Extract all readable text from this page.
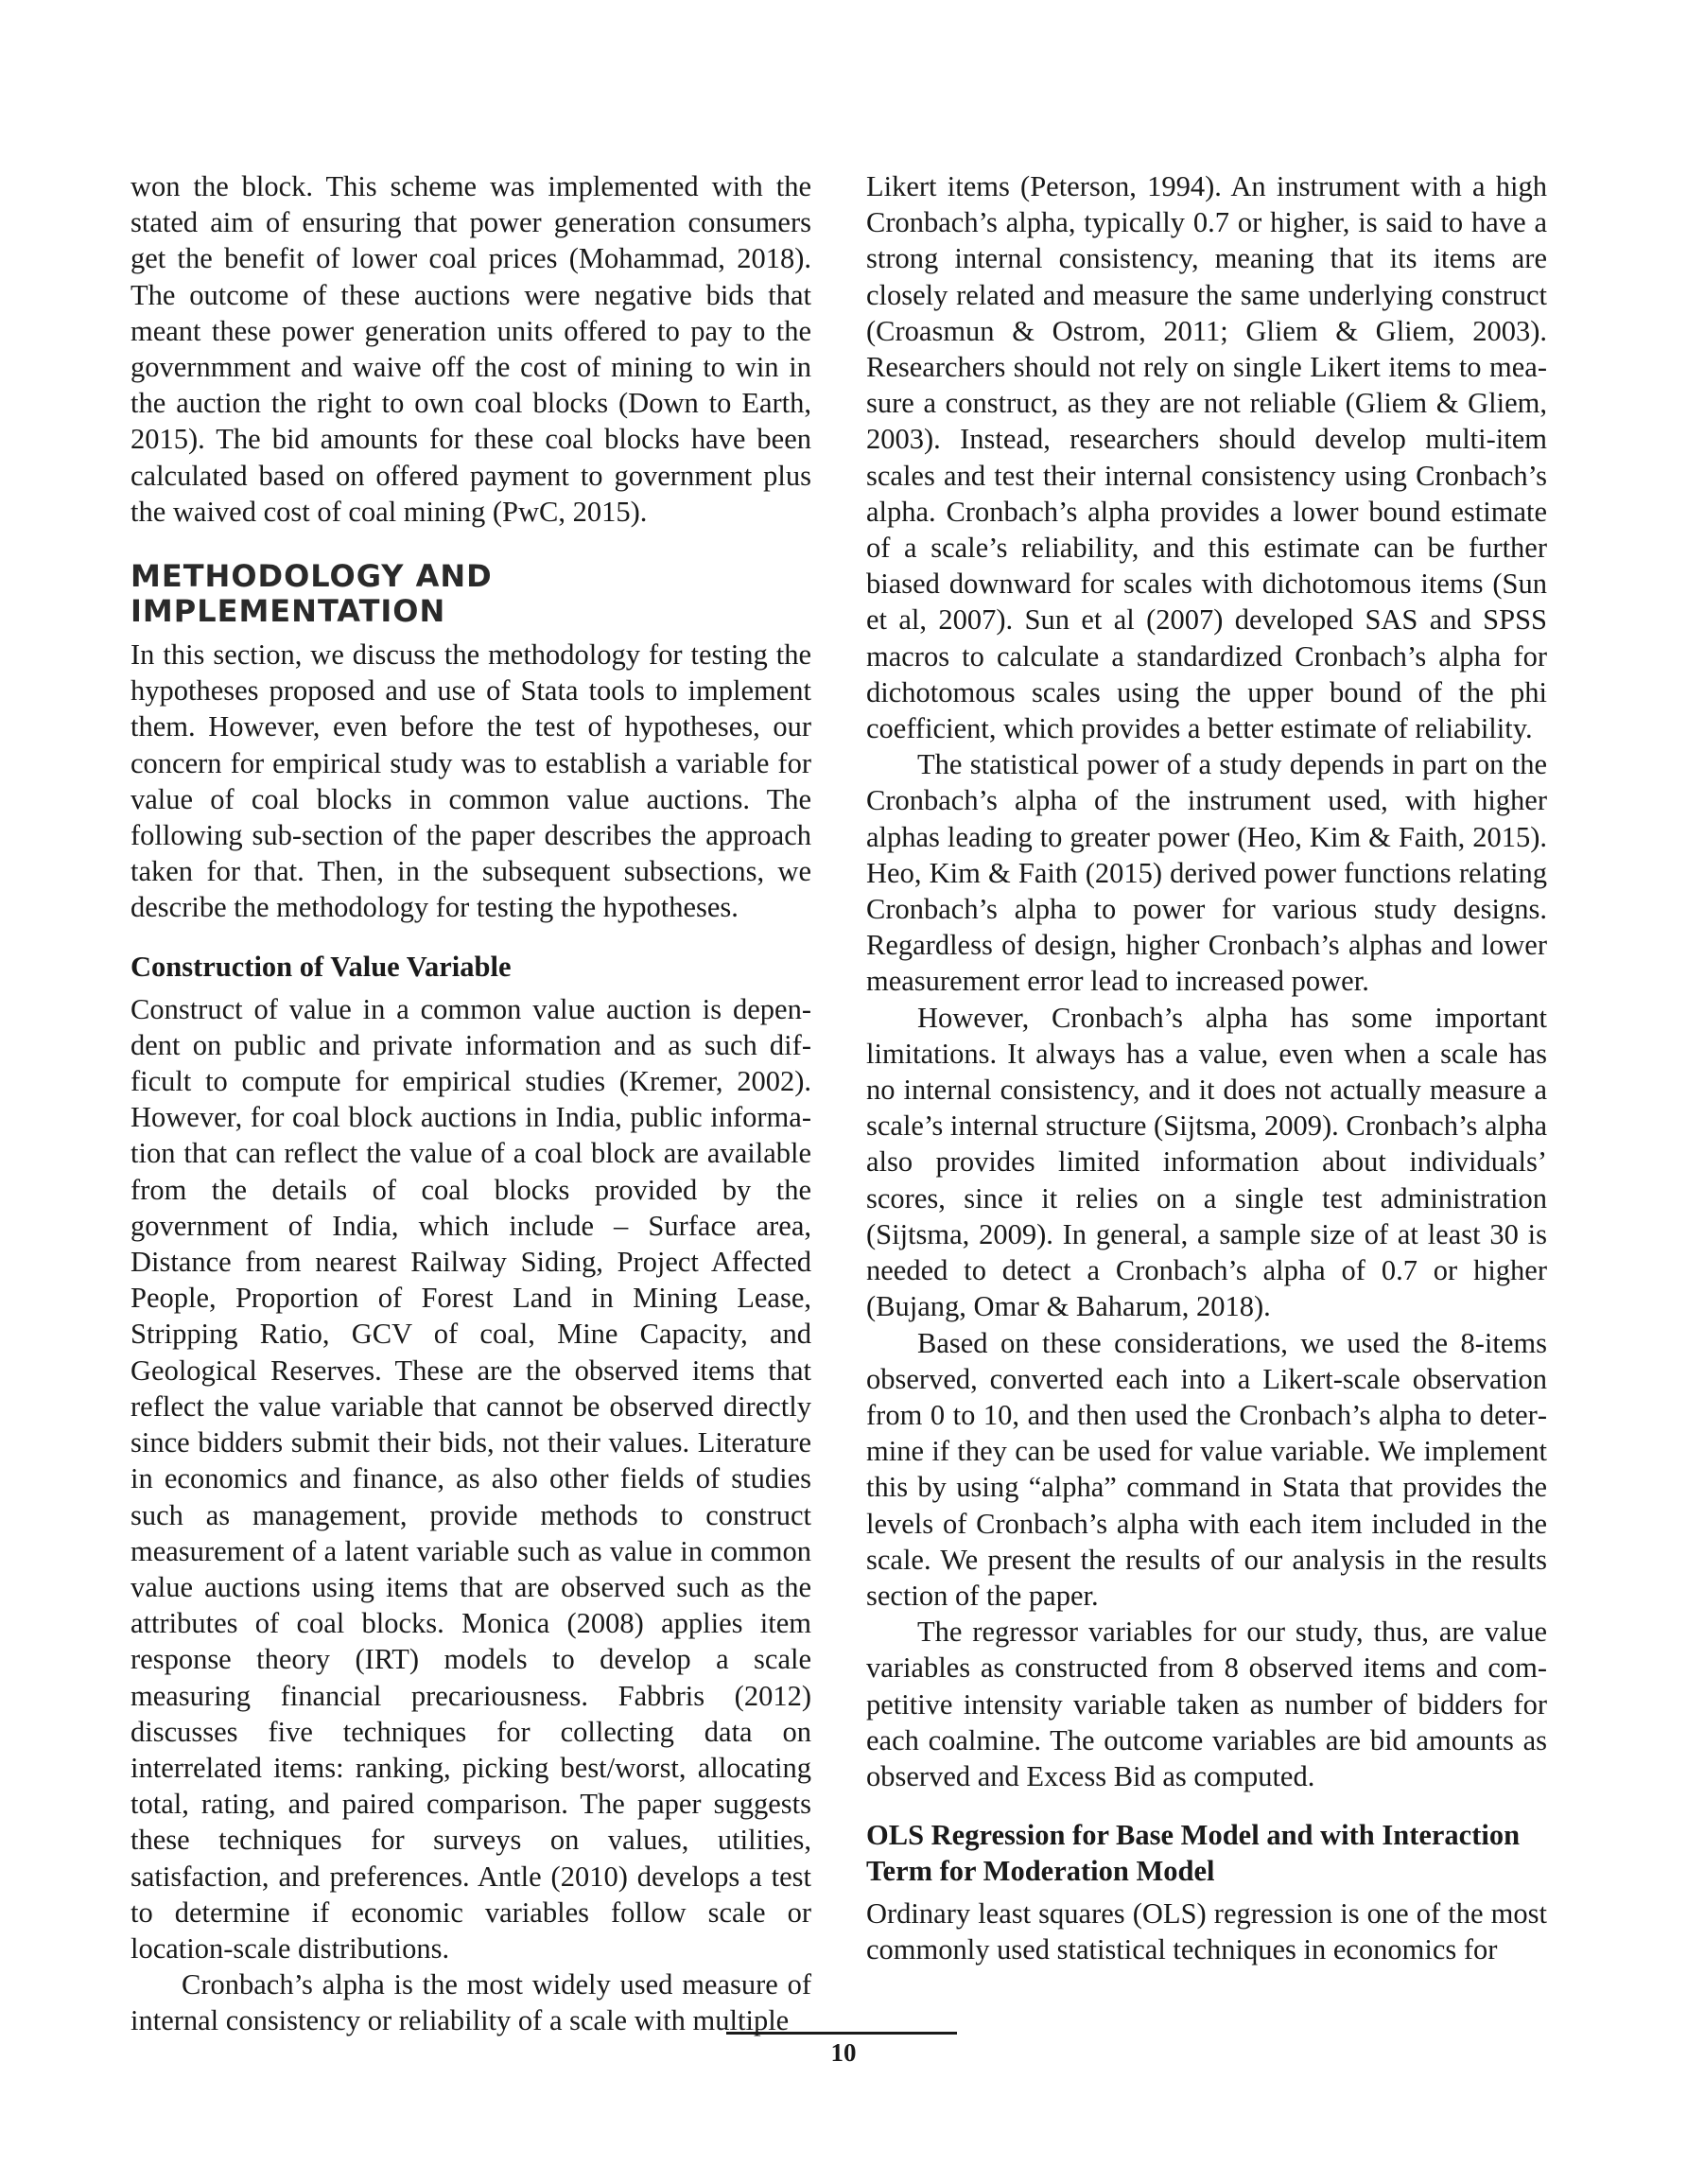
won the block. This scheme was implemented with the stated aim of ensuring that power generation consumers get the benefit of lower coal prices (Mohammad, 2018). The outcome of these auctions were negative bids that meant these power generation units offered to pay to the governmment and waive off the cost of mining to win in the auction the right to own coal blocks (Down to Earth, 2015). The bid amounts for these coal blocks have been calculated based on offered payment to government plus the waived cost of coal mining (PwC, 2015).

METHODOLOGY AND
IMPLEMENTATION

In this section, we discuss the methodology for testing the hypotheses proposed and use of Stata tools to implement them. However, even before the test of hypotheses, our concern for empirical study was to establish a variable for value of coal blocks in common value auctions. The following sub-section of the paper describes the approach taken for that. Then, in the subsequent subsections, we describe the methodology for testing the hypotheses.

Construction of Value Variable

Construct of value in a common value auction is dependent on public and private information and as such difficult to compute for empirical studies (Kremer, 2002). However, for coal block auctions in India, public information that can reflect the value of a coal block are available from the details of coal blocks provided by the government of India, which include – Surface area, Distance from nearest Railway Siding, Project Affected People, Proportion of Forest Land in Mining Lease, Stripping Ratio, GCV of coal, Mine Capacity, and Geological Reserves. These are the observed items that reflect the value variable that cannot be observed directly since bidders submit their bids, not their values. Literature in economics and finance, as also other fields of studies such as management, provide methods to construct measurement of a latent variable such as value in common value auctions using items that are observed such as the attributes of coal blocks. Monica (2008) applies item response theory (IRT) models to develop a scale measuring financial precariousness. Fabbris (2012) discusses five techniques for collecting data on interrelated items: ranking, picking best/worst, allocating total, rating, and paired comparison. The paper suggests these techniques for surveys on values, utilities, satisfaction, and preferences. Antle (2010) develops a test to determine if economic variables follow scale or location-scale distributions.

Cronbach’s alpha is the most widely used measure of internal consistency or reliability of a scale with multiple

Likert items (Peterson, 1994). An instrument with a high Cronbach’s alpha, typically 0.7 or higher, is said to have a strong internal consistency, meaning that its items are closely related and measure the same underlying construct (Croasmun & Ostrom, 2011; Gliem & Gliem, 2003). Researchers should not rely on single Likert items to measure a construct, as they are not reliable (Gliem & Gliem, 2003). Instead, researchers should develop multi-item scales and test their internal consistency using Cronbach’s alpha. Cronbach’s alpha provides a lower bound estimate of a scale’s reliability, and this estimate can be further biased downward for scales with dichotomous items (Sun et al, 2007). Sun et al (2007) developed SAS and SPSS macros to calculate a standardized Cronbach’s alpha for dichotomous scales using the upper bound of the phi coefficient, which provides a better estimate of reliability.

The statistical power of a study depends in part on the Cronbach’s alpha of the instrument used, with higher alphas leading to greater power (Heo, Kim & Faith, 2015). Heo, Kim & Faith (2015) derived power functions relating Cronbach’s alpha to power for various study designs. Regardless of design, higher Cronbach’s alphas and lower measurement error lead to increased power.

However, Cronbach’s alpha has some important limitations. It always has a value, even when a scale has no internal consistency, and it does not actually measure a scale’s internal structure (Sijtsma, 2009). Cronbach’s alpha also provides limited information about individuals’ scores, since it relies on a single test administration (Sijtsma, 2009). In general, a sample size of at least 30 is needed to detect a Cronbach’s alpha of 0.7 or higher (Bujang, Omar & Baharum, 2018).

Based on these considerations, we used the 8-items observed, converted each into a Likert-scale observation from 0 to 10, and then used the Cronbach’s alpha to determine if they can be used for value variable. We implement this by using “alpha” command in Stata that provides the levels of Cronbach’s alpha with each item included in the scale. We present the results of our analysis in the results section of the paper.

The regressor variables for our study, thus, are value variables as constructed from 8 observed items and competitive intensity variable taken as number of bidders for each coalmine. The outcome variables are bid amounts as observed and Excess Bid as computed.

OLS Regression for Base Model and with Interaction
Term for Moderation Model

Ordinary least squares (OLS) regression is one of the most commonly used statistical techniques in economics for

10
